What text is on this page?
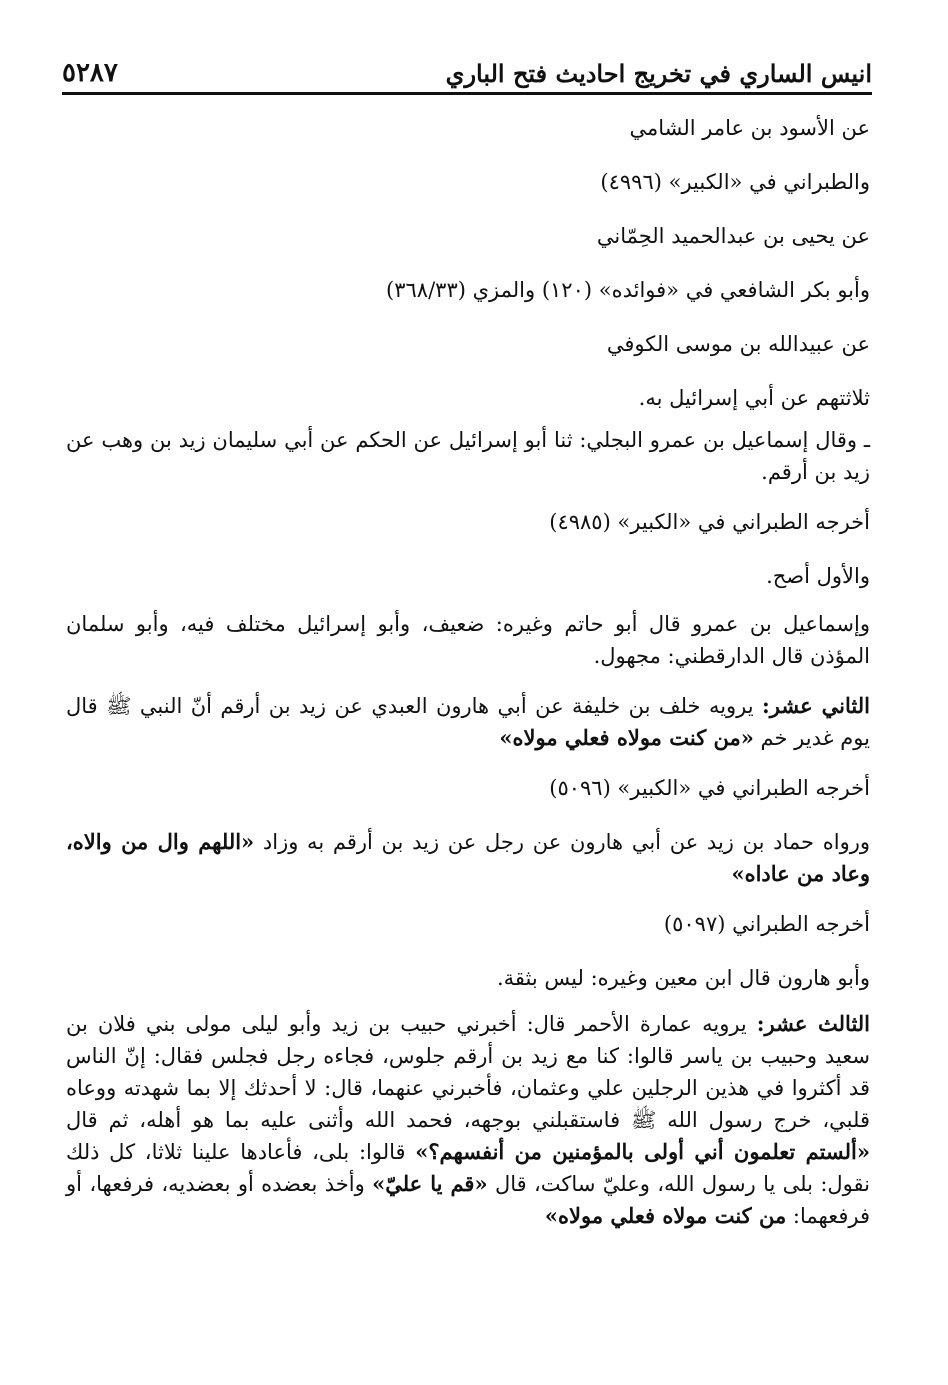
انيس الساري في تخريج احاديث فتح الباري
٥٢٨٧

عن الأسود بن عامر الشامي

والطبراني في «الكبير» (٤٩٩٦)

عن يحيى بن عبدالحميد الحِمّاني

وأبو بكر الشافعي في «فوائده» (١٢٠) والمزي (٣٦٨/٣٣)

عن عبيدالله بن موسى الكوفي

ثلاثتهم عن أبي إسرائيل به.

ـ وقال إسماعيل بن عمرو البجلي: ثنا أبو إسرائيل عن الحكم عن أبي سليمان زيد بن وهب عن زيد بن أرقم.

أخرجه الطبراني في «الكبير» (٤٩٨٥)

والأول أصح.

وإسماعيل بن عمرو قال أبو حاتم وغيره: ضعيف، وأبو إسرائيل مختلف فيه، وأبو سلمان المؤذن قال الدارقطني: مجهول.

الثاني عشر: يرويه خلف بن خليفة عن أبي هارون العبدي عن زيد بن أرقم أنّ النبي ﷺ قال يوم غدير خم «من كنت مولاه فعلي مولاه»

أخرجه الطبراني في «الكبير» (٥٠٩٦)

ورواه حماد بن زيد عن أبي هارون عن رجل عن زيد بن أرقم به وزاد «اللهم وال من والاه، وعاد من عاداه»

أخرجه الطبراني (٥٠٩٧)

وأبو هارون قال ابن معين وغيره: ليس بثقة.

الثالث عشر: يرويه عمارة الأحمر قال: أخبرني حبيب بن زيد وأبو ليلى مولى بني فلان بن سعيد وحبيب بن ياسر قالوا: كنا مع زيد بن أرقم جلوس، فجاءه رجل فجلس فقال: إنّ الناس قد أكثروا في هذين الرجلين علي وعثمان، فأخبرني عنهما، قال: لا أحدثك إلا بما شهدته ووعاه قلبي، خرج رسول الله ﷺ فاستقبلني بوجهه، فحمد الله وأثنى عليه بما هو أهله، ثم قال «ألستم تعلمون أني أولى بالمؤمنين من أنفسهم؟» قالوا: بلى، فأعادها علينا ثلاثا، كل ذلك نقول: بلى يا رسول الله، وعليّ ساكت، قال «قم يا عليّ» وأخذ بعضده أو بعضديه، فرفعها، أو فرفعهما: من كنت مولاه فعلي مولاه»
